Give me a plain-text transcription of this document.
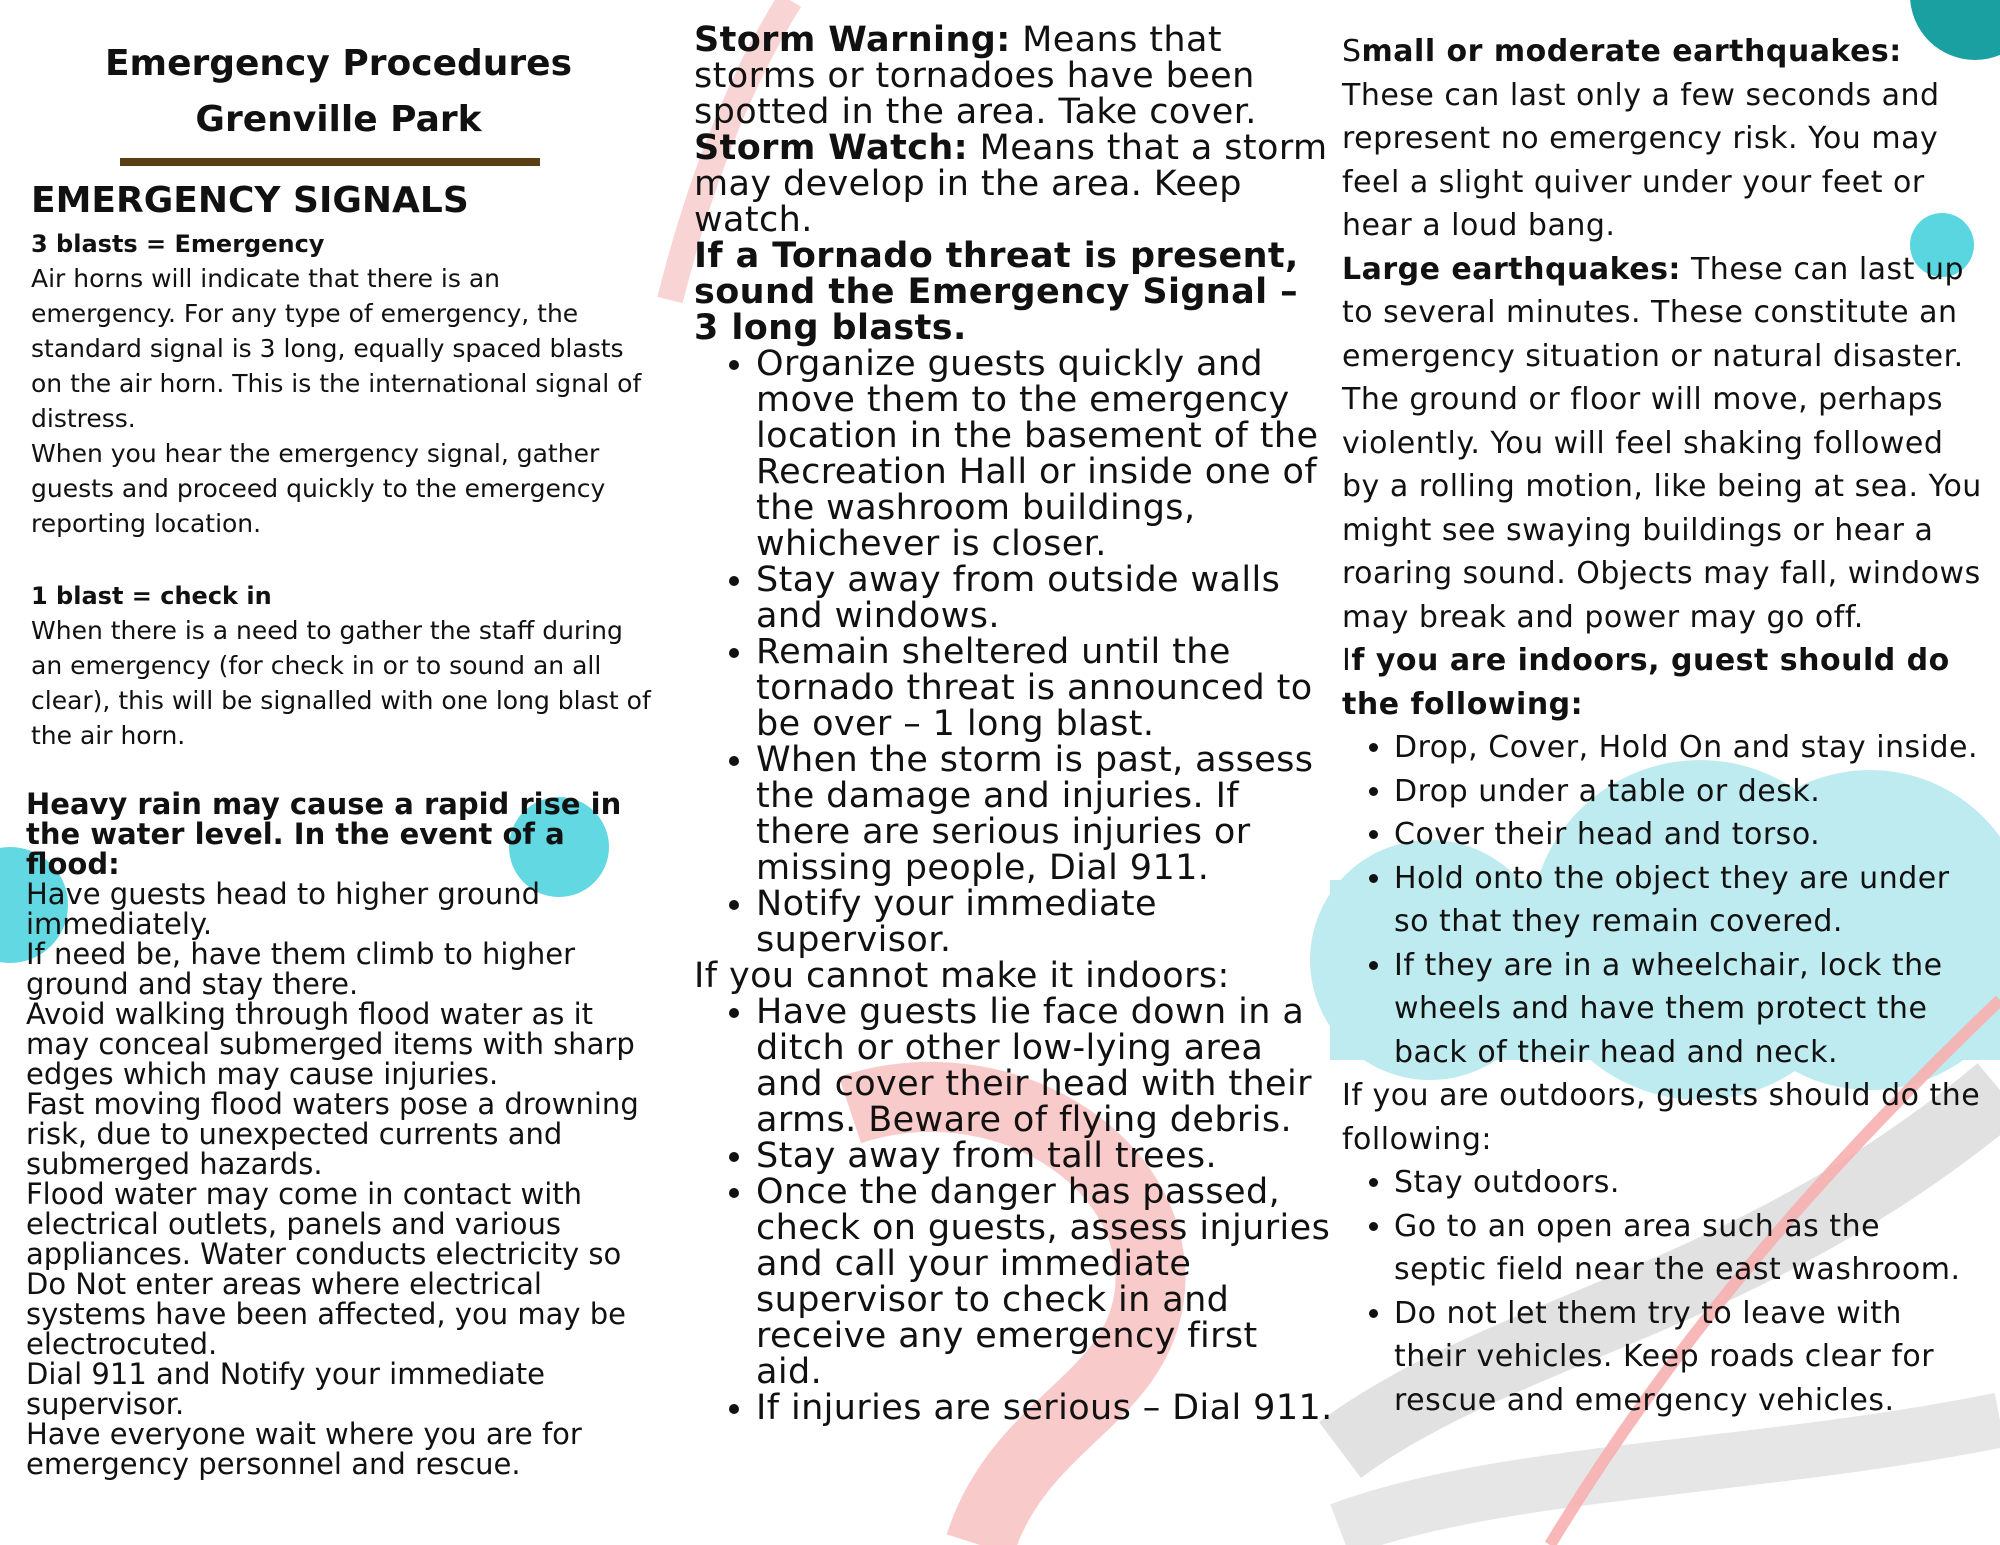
Emergency Procedures
Grenville Park
EMERGENCY SIGNALS
3 blasts = Emergency
Air horns will indicate that there is an emergency. For any type of emergency, the standard signal is 3 long, equally spaced blasts on the air horn. This is the international signal of distress.
When you hear the emergency signal, gather guests and proceed quickly to the emergency reporting location.
1 blast = check in
When there is a need to gather the staff during an emergency (for check in or to sound an all clear), this will be signalled with one long blast of the air horn.
Heavy rain may cause a rapid rise in the water level. In the event of a flood:
Have guests head to higher ground immediately.
If need be, have them climb to higher ground and stay there.
Avoid walking through flood water as it may conceal submerged items with sharp edges which may cause injuries.
Fast moving flood waters pose a drowning risk, due to unexpected currents and submerged hazards.
Flood water may come in contact with electrical outlets, panels and various appliances. Water conducts electricity so Do Not enter areas where electrical systems have been affected, you may be electrocuted.
Dial 911 and Notify your immediate supervisor.
Have everyone wait where you are for emergency personnel and rescue.

Storm Warning: Means that storms or tornadoes have been spotted in the area. Take cover.

Storm Watch: Means that a storm may develop in the area. Keep watch.

If a Tornado threat is present, sound the Emergency Signal – 3 long blasts.

• Organize guests quickly and move them to the emergency location in the basement of the Recreation Hall or inside one of the washroom buildings, whichever is closer.
• Stay away from outside walls and windows.
• Remain sheltered until the tornado threat is announced to be over – 1 long blast.
• When the storm is past, assess the damage and injuries. If there are serious injuries or missing people, Dial 911.
• Notify your immediate supervisor.

If you cannot make it indoors:

• Have guests lie face down in a ditch or other low-lying area and cover their head with their arms. Beware of flying debris.
• Stay away from tall trees.
• Once the danger has passed, check on guests, assess injuries and call your immediate supervisor to check in and receive any emergency first aid.
• If injuries are serious – Dial 911.

Small or moderate earthquakes: These can last only a few seconds and represent no emergency risk. You may feel a slight quiver under your feet or hear a loud bang.

Large earthquakes: These can last up to several minutes. These constitute an emergency situation or natural disaster. The ground or floor will move, perhaps violently. You will feel shaking followed by a rolling motion, like being at sea. You might see swaying buildings or hear a roaring sound. Objects may fall, windows may break and power may go off.

If you are indoors, guest should do the following:

• Drop, Cover, Hold On and stay inside.
• Drop under a table or desk.
• Cover their head and torso.
• Hold onto the object they are under so that they remain covered.
• If they are in a wheelchair, lock the wheels and have them protect the back of their head and neck.

If you are outdoors, guests should do the following:

• Stay outdoors.
• Go to an open area such as the septic field near the east washroom.
• Do not let them try to leave with their vehicles. Keep roads clear for rescue and emergency vehicles.
